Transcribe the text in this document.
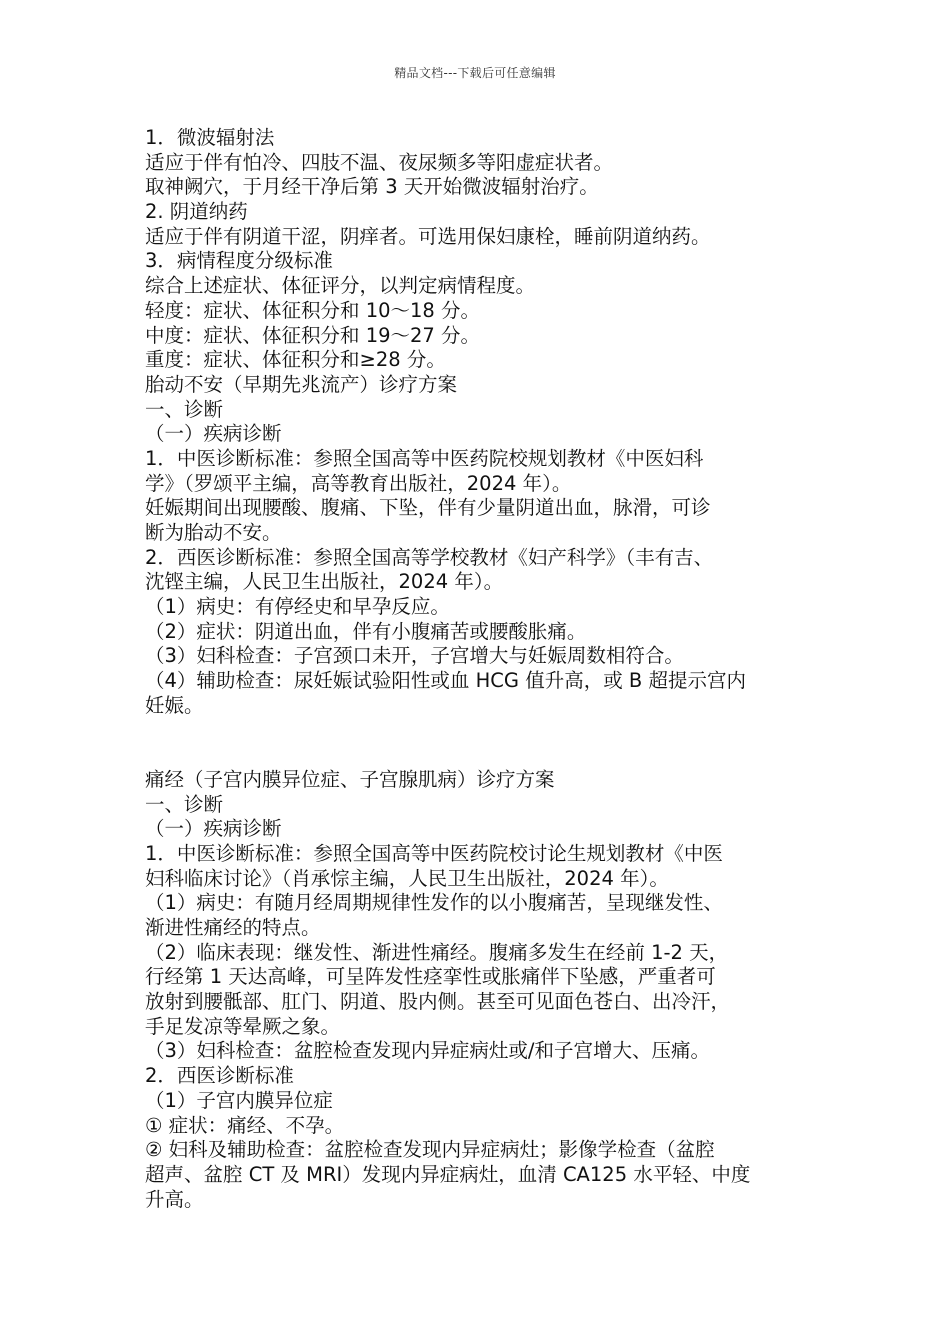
精品文档---下载后可任意编辑
1．微波辐射法
适应于伴有怕冷、四肢不温、夜尿频多等阳虚症状者。
取神阙穴，于月经干净后第 3 天开始微波辐射治疗。
2. 阴道纳药
适应于伴有阴道干涩，阴痒者。可选用保妇康栓，睡前阴道纳药。
3．病情程度分级标准
综合上述症状、体征评分，以判定病情程度。
轻度：症状、体征积分和 10～18 分。
中度：症状、体征积分和 19～27 分。
重度：症状、体征积分和≥28 分。
胎动不安（早期先兆流产）诊疗方案
一、诊断
（一）疾病诊断
1．中医诊断标准：参照全国高等中医药院校规划教材《中医妇科
学》（罗颂平主编，高等教育出版社，2024 年）。
妊娠期间出现腰酸、腹痛、下坠，伴有少量阴道出血，脉滑，可诊
断为胎动不安。
2．西医诊断标准：参照全国高等学校教材《妇产科学》（丰有吉、
沈铿主编，人民卫生出版社，2024 年）。
（1）病史：有停经史和早孕反应。
（2）症状：阴道出血，伴有小腹痛苦或腰酸胀痛。
（3）妇科检查：子宫颈口未开，子宫增大与妊娠周数相符合。
（4）辅助检查：尿妊娠试验阳性或血 HCG 值升高，或 B 超提示宫内
妊娠。
痛经（子宫内膜异位症、子宫腺肌病）诊疗方案
一、诊断
（一）疾病诊断
1．中医诊断标准：参照全国高等中医药院校讨论生规划教材《中医
妇科临床讨论》（肖承悰主编，人民卫生出版社，2024 年）。
（1）病史：有随月经周期规律性发作的以小腹痛苦，呈现继发性、
渐进性痛经的特点。
（2）临床表现：继发性、渐进性痛经。腹痛多发生在经前 1-2 天，
行经第 1 天达高峰，可呈阵发性痉挛性或胀痛伴下坠感，严重者可
放射到腰骶部、肛门、阴道、股内侧。甚至可见面色苍白、出冷汗，
手足发凉等晕厥之象。
（3）妇科检查：盆腔检查发现内异症病灶或/和子宫增大、压痛。
2．西医诊断标准
（1）子宫内膜异位症
① 症状：痛经、不孕。
② 妇科及辅助检查：盆腔检查发现内异症病灶；影像学检查（盆腔
超声、盆腔 CT 及 MRI）发现内异症病灶，血清 CA125 水平轻、中度
升高。
